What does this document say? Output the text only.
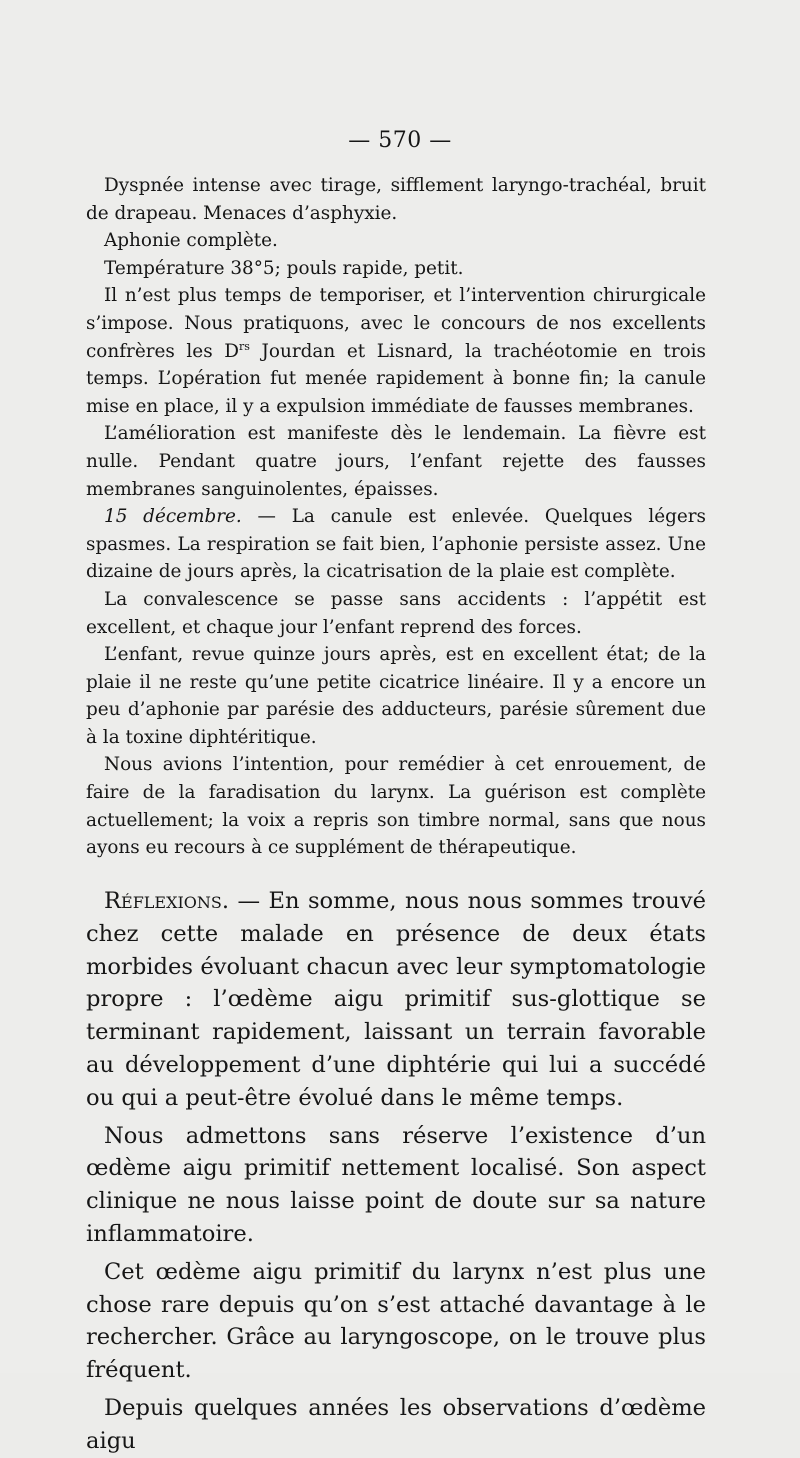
— 570 —

Dyspnée intense avec tirage, sifflement laryngo-trachéal, bruit de drapeau. Menaces d’asphyxie.

Aphonie complète.

Température 38°5; pouls rapide, petit.

Il n’est plus temps de temporiser, et l’intervention chirurgicale s’impose. Nous pratiquons, avec le concours de nos excellents confrères les $D^{rs}$ Jourdan et Lisnard, la trachéotomie en trois temps. L’opération fut menée rapidement à bonne fin; la canule mise en place, il y a expulsion immédiate de fausses membranes.

L’amélioration est manifeste dès le lendemain. La fièvre est nulle. Pendant quatre jours, l’enfant rejette des fausses membranes sanguinolentes, épaisses.

15 décembre. — La canule est enlevée. Quelques légers spasmes. La respiration se fait bien, l’aphonie persiste assez. Une dizaine de jours après, la cicatrisation de la plaie est complète.

La convalescence se passe sans accidents : l’appétit est excellent, et chaque jour l’enfant reprend des forces.

L’enfant, revue quinze jours après, est en excellent état; de la plaie il ne reste qu’une petite cicatrice linéaire. Il y a encore un peu d’aphonie par parésie des adducteurs, parésie sûrement due à la toxine diphtéritique.

Nous avions l’intention, pour remédier à cet enrouement, de faire de la faradisation du larynx. La guérison est complète actuellement; la voix a repris son timbre normal, sans que nous ayons eu recours à ce supplément de thérapeutique.

Réflexions. — En somme, nous nous sommes trouvé chez cette malade en présence de deux états morbides évoluant chacun avec leur symptomatologie propre : l’œdème aigu primitif sus-glottique se terminant rapidement, laissant un terrain favorable au développement d’une diphtérie qui lui a succédé ou qui a peut-être évolué dans le même temps.

Nous admettons sans réserve l’existence d’un œdème aigu primitif nettement localisé. Son aspect clinique ne nous laisse point de doute sur sa nature inflammatoire.

Cet œdème aigu primitif du larynx n’est plus une chose rare depuis qu’on s’est attaché davantage à le rechercher. Grâce au laryngoscope, on le trouve plus fréquent.

Depuis quelques années les observations d’œdème aigu
